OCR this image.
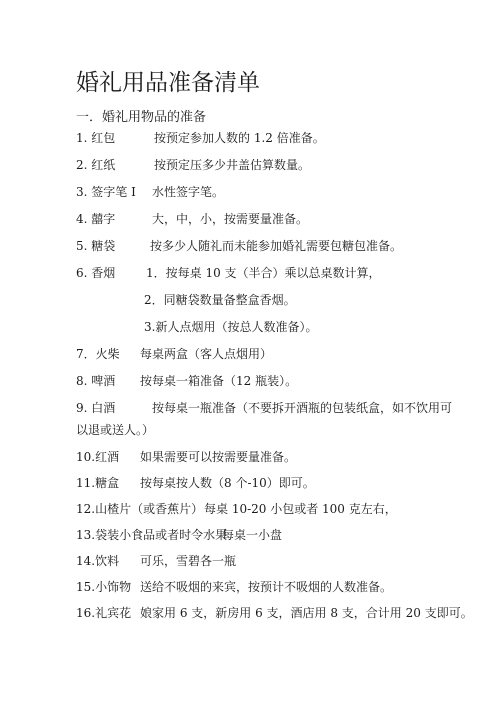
婚礼用品准备清单
一．婚礼用物品的准备
1. 红包	按预定参加人数的 1.2 倍准备。
2. 红纸	按预定压多少井盖估算数量。
3. 签字笔 I 水性签字笔。
4. 囍字	大，中，小，按需要量准备。
5. 糖袋	按多少人随礼而未能参加婚礼需要包糖包准备。
6. 香烟	1．按每桌 10 支（半合）乘以总桌数计算，
2．同糖袋数量备整盒香烟。
3.新人点烟用（按总人数准备）。
7．火柴 每桌两盒（客人点烟用）
8. 啤酒 按每桌一箱准备（12 瓶装）。
9. 白酒	按每桌一瓶准备（不要拆开酒瓶的包装纸盒，如不饮用可
以退或送人。）
10.红酒 如果需要可以按需要量准备。
11.糖盒 按每桌按人数（8 个-10）即可。
12.山楂片（或香蕉片） 每桌 10-20 小包或者 100 克左右，
13.袋装小食品或者时令水果
每桌一小盘
14.饮料 可乐，雪碧各一瓶
15.小饰物 送给不吸烟的来宾，按预计不吸烟的人数准备。
16.礼宾花 娘家用 6 支，新房用 6 支，酒店用 8 支，合计用 20 支即可。
